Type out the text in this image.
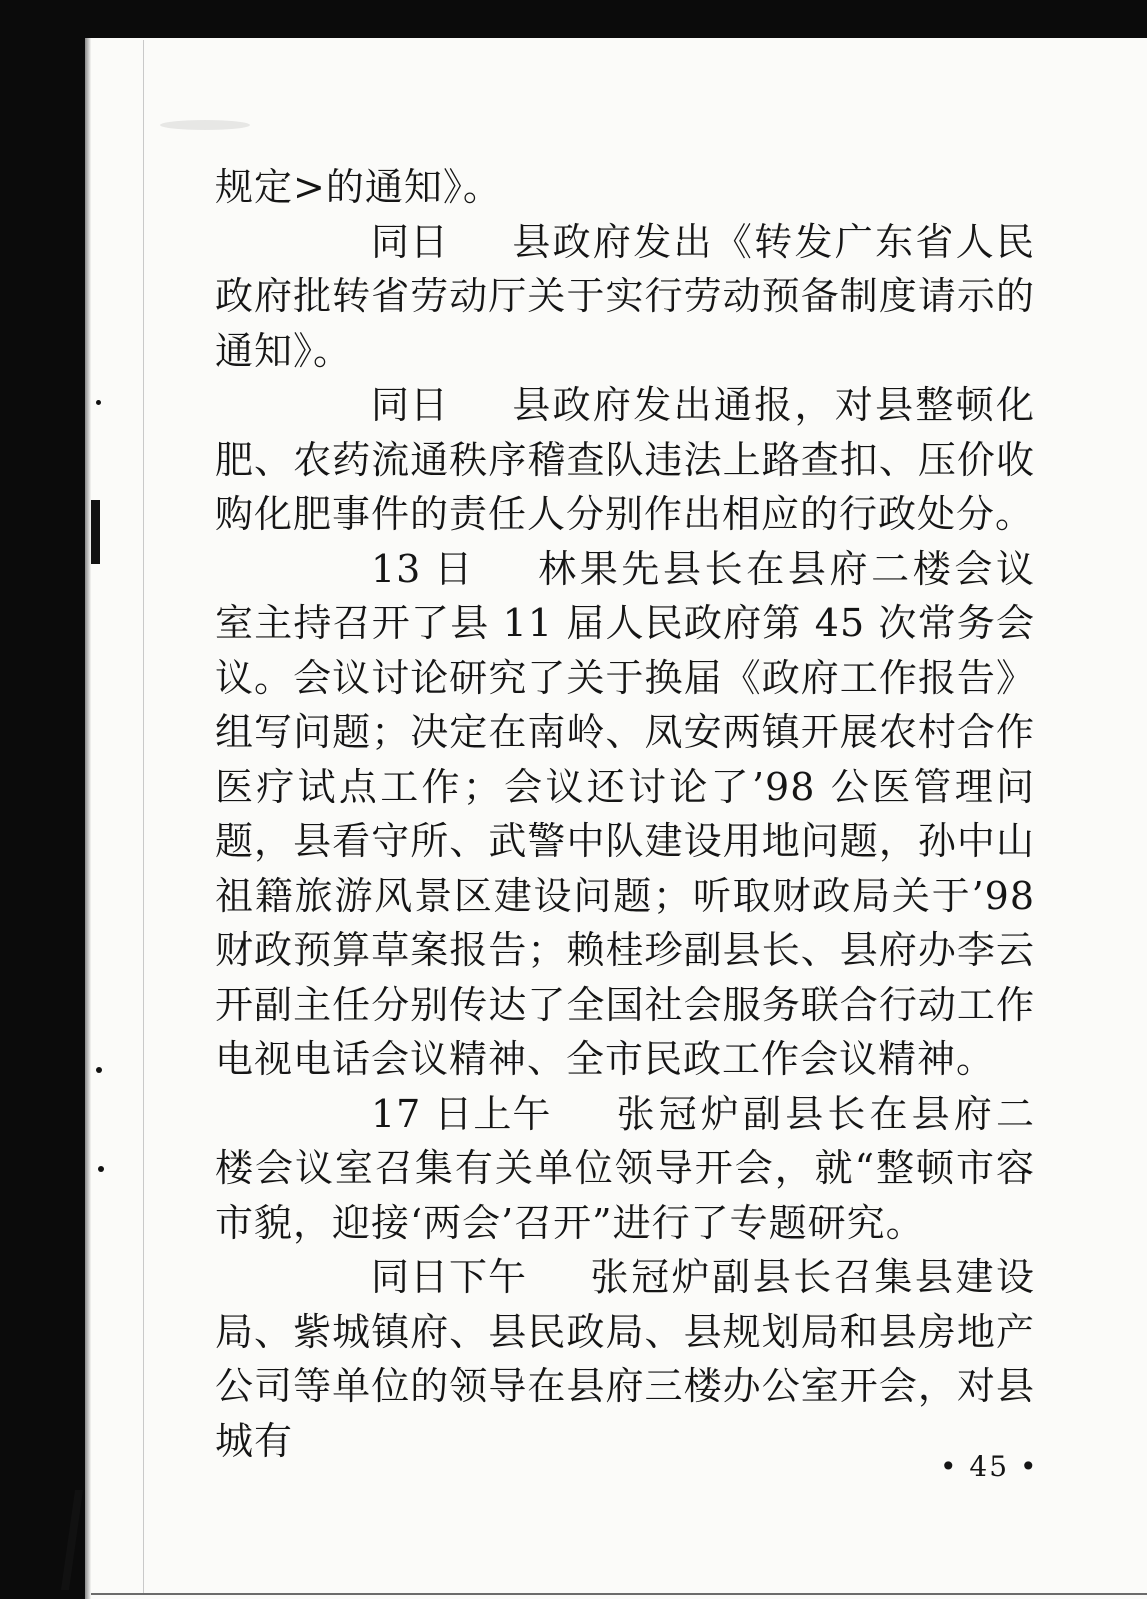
规定>的通知》。

同日 县政府发出《转发广东省人民政府批转省劳动厅关于实行劳动预备制度请示的通知》。

同日 县政府发出通报，对县整顿化肥、农药流通秩序稽查队违法上路查扣、压价收购化肥事件的责任人分别作出相应的行政处分。

13 日 林果先县长在县府二楼会议室主持召开了县 11 届人民政府第 45 次常务会议。会议讨论研究了关于换届《政府工作报告》组写问题；决定在南岭、凤安两镇开展农村合作医疗试点工作；会议还讨论了’98 公医管理问题，县看守所、武警中队建设用地问题，孙中山祖籍旅游风景区建设问题；听取财政局关于’98 财政预算草案报告；赖桂珍副县长、县府办李云开副主任分别传达了全国社会服务联合行动工作电视电话会议精神、全市民政工作会议精神。

17 日上午 张冠炉副县长在县府二楼会议室召集有关单位领导开会，就“整顿市容市貌，迎接‘两会’召开”进行了专题研究。

同日下午 张冠炉副县长召集县建设局、紫城镇府、县民政局、县规划局和县房地产公司等单位的领导在县府三楼办公室开会，对县城有

• 45 •
